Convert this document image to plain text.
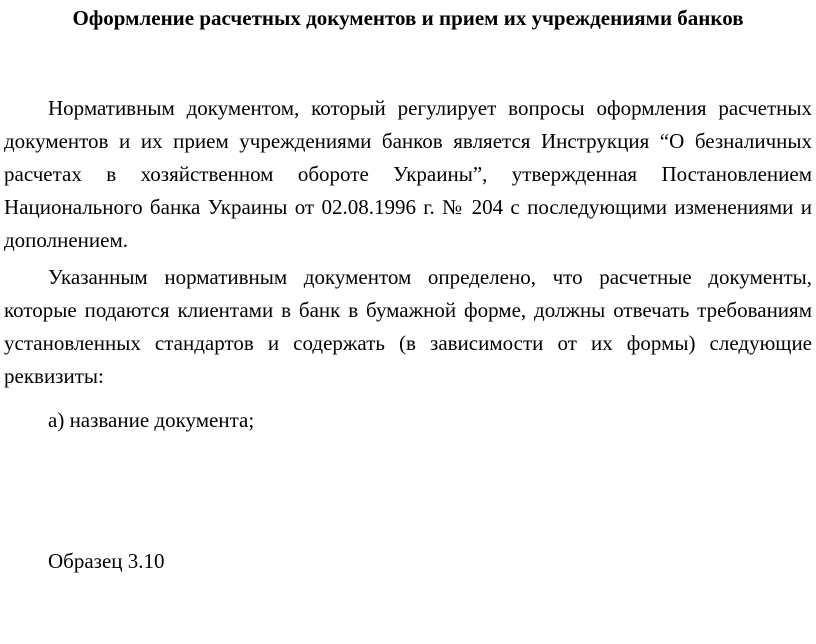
Оформление расчетных документов и прием их учреждениями банков

Нормативным документом, который регулирует вопросы оформления расчетных документов и их прием учреждениями банков является Инструкция “О безналичных расчетах в хозяйственном обороте Украины”, утвержденная Постановлением Национального банка Украины от 02.08.1996 г. № 204 с последующими изменениями и дополнением.

Указанным нормативным документом определено, что расчетные документы, которые подаются клиентами в банк в бумажной форме, должны отвечать требованиям установленных стандартов и содержать (в зависимости от их формы) следующие реквизиты:

а) название документа;
Образец 3.10
